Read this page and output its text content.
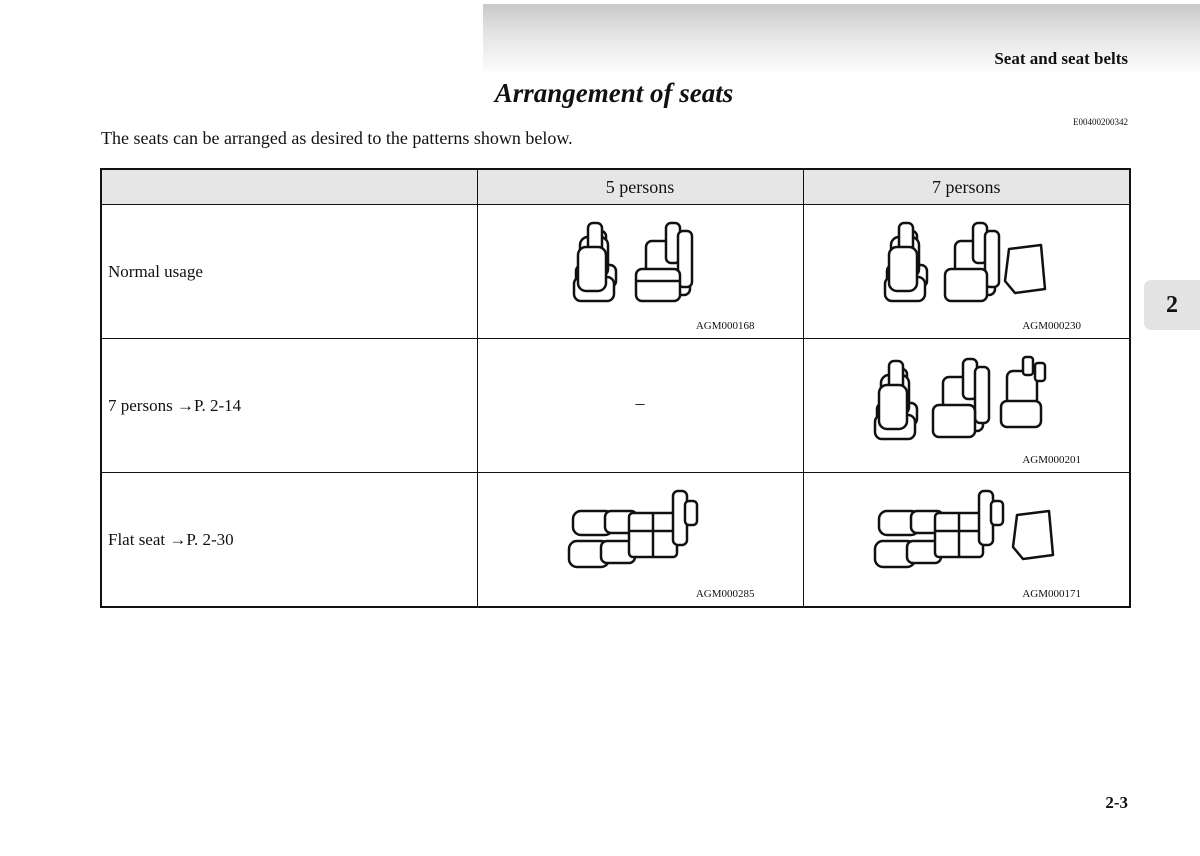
Seat and seat belts
Arrangement of seats
E00400200342
The seats can be arranged as desired to the patterns shown below.
2
	5 persons	7 persons
Normal usage	AGM000168	AGM000230

7 persons →P. 2-14	–	AGM000201

Flat seat →P. 2-30	AGM000285	AGM000171
2-3
